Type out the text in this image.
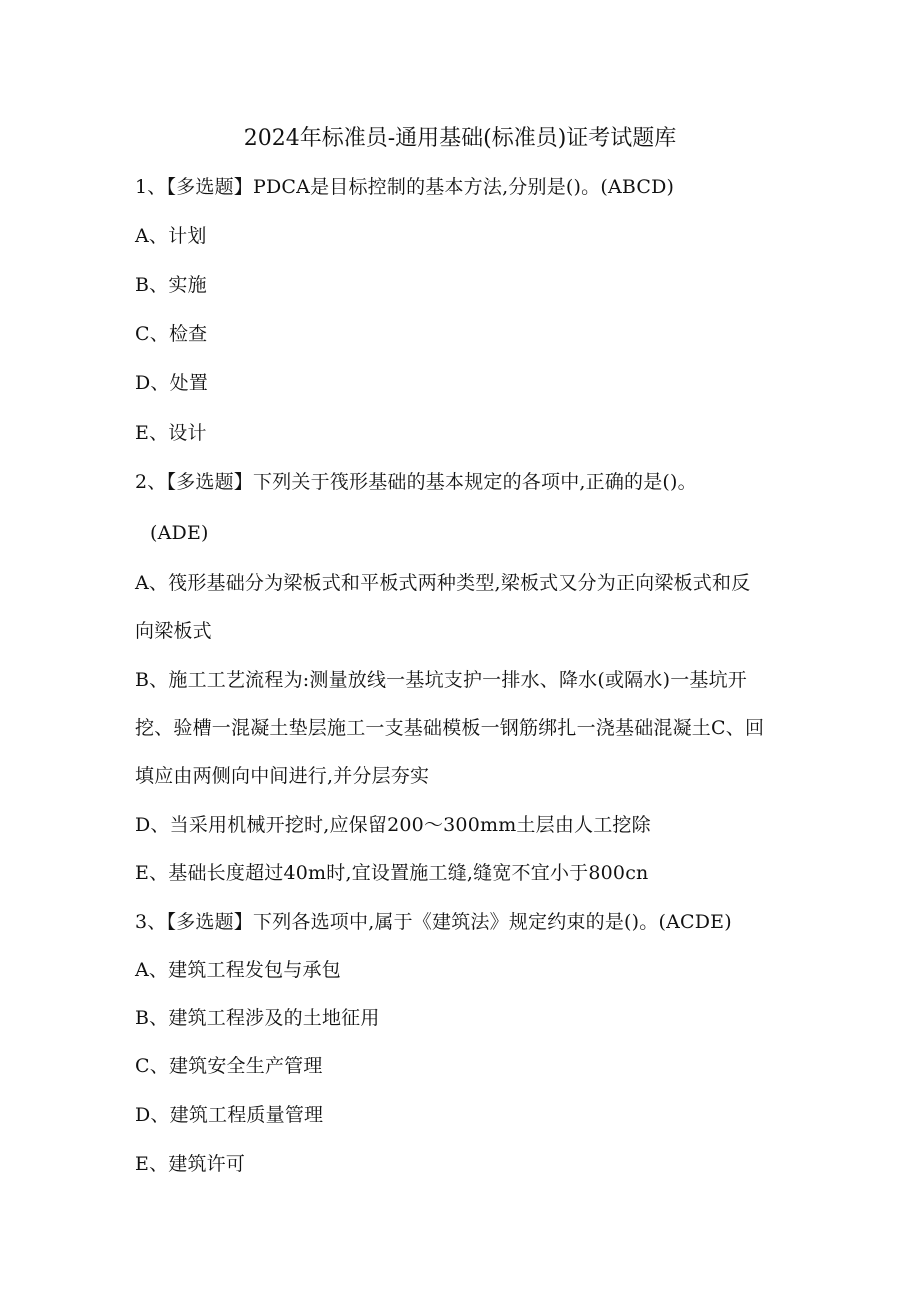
2024年标准员-通用基础(标准员)证考试题库
1、【多选题】PDCA是目标控制的基本方法,分别是()。(ABCD)
A、计划
B、实施
C、检查
D、处置
E、设计
2、【多选题】下列关于筏形基础的基本规定的各项中,正确的是()。
(ADE)
A、筏形基础分为梁板式和平板式两种类型,梁板式又分为正向梁板式和反
向梁板式
B、施工工艺流程为:测量放线一基坑支护一排水、降水(或隔水)一基坑开
挖、验槽一混凝土垫层施工一支基础模板一钢筋绑扎一浇基础混凝土C、回
填应由两侧向中间进行,并分层夯实
D、当采用机械开挖时,应保留200～300mm土层由人工挖除
E、基础长度超过40m时,宜设置施工缝,缝宽不宜小于800cn
3、【多选题】下列各选项中,属于《建筑法》规定约束的是()。(ACDE)
A、建筑工程发包与承包
B、建筑工程涉及的土地征用
C、建筑安全生产管理
D、建筑工程质量管理
E、建筑许可
